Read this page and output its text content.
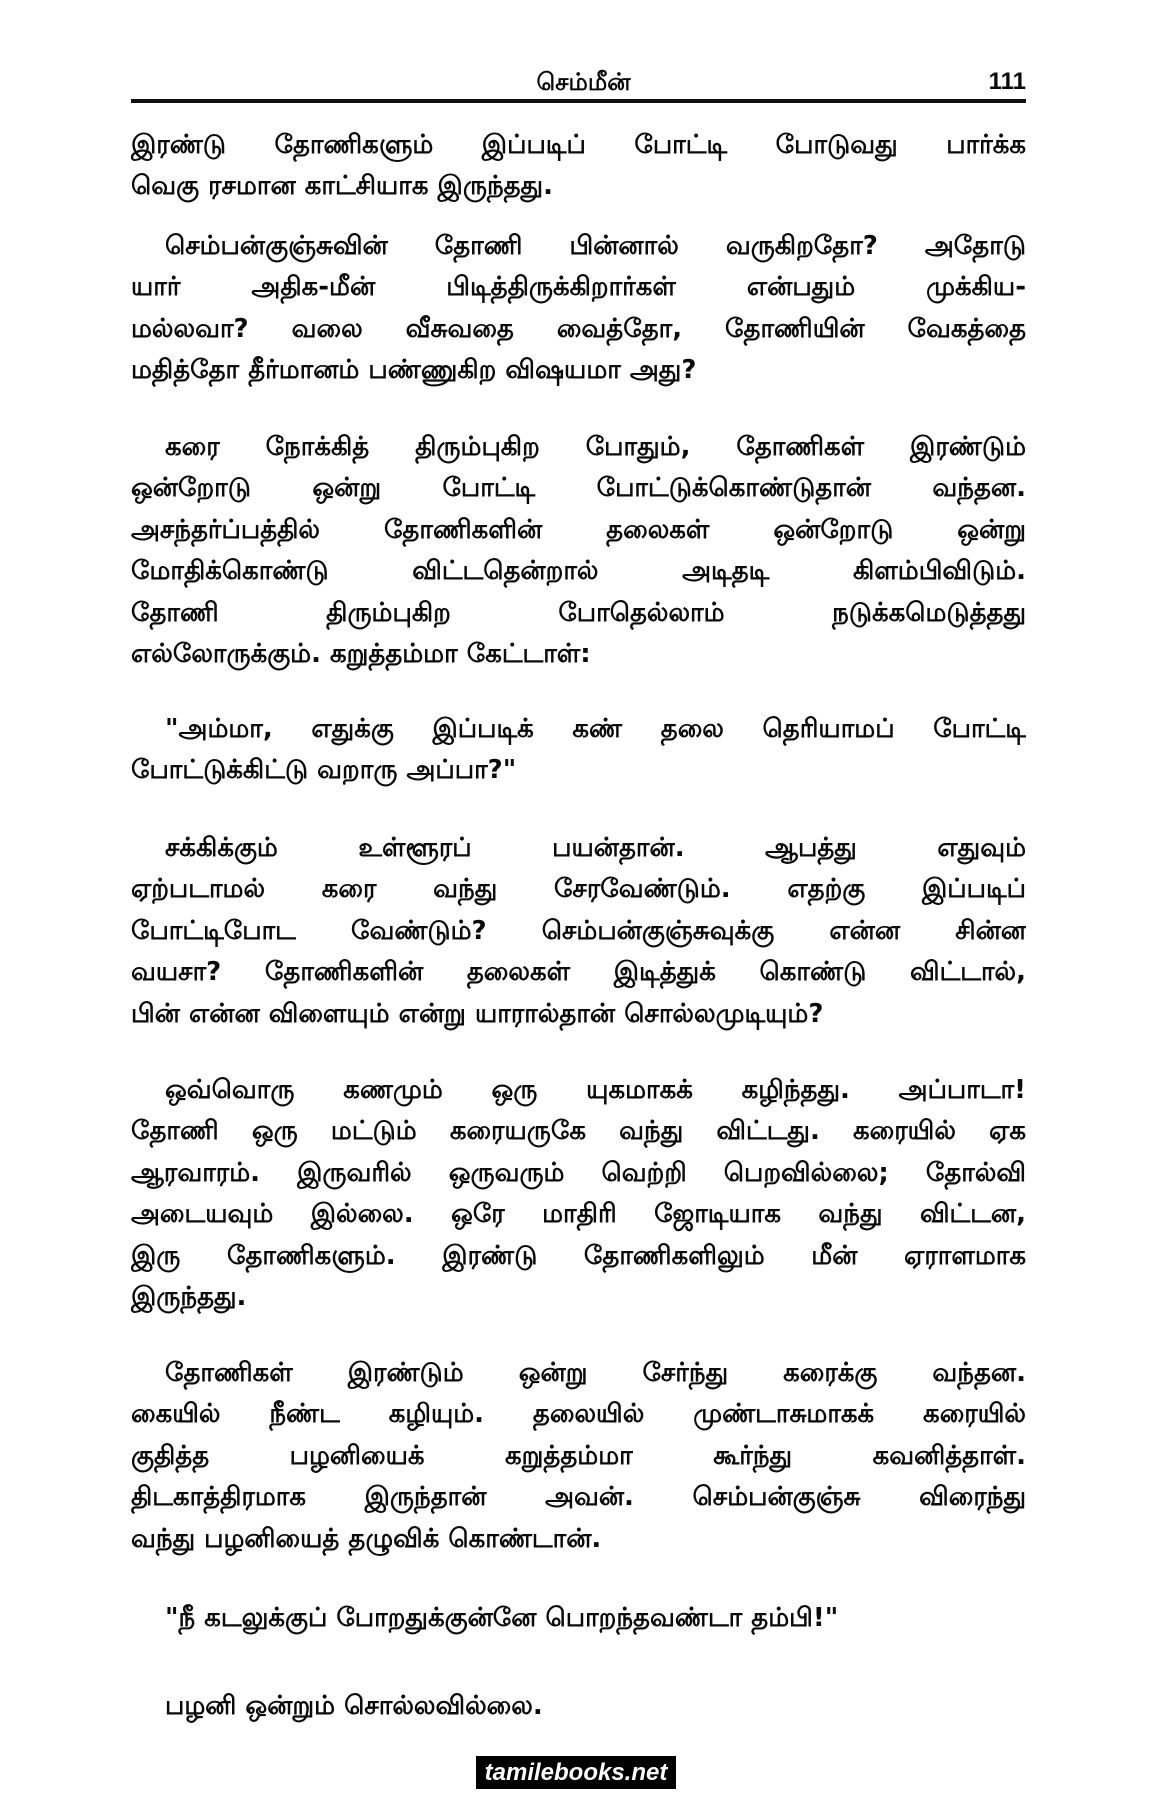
செம்மீன்	111
இரண்டு தோணிகளும் இப்படிப் போட்டி போடுவது பார்க்க
வெகு ரசமான காட்சியாக இருந்தது.
செம்பன்குஞ்சுவின் தோணி பின்னால் வருகிறதோ? அதோடு
யார் அதிக-மீன் பிடித்திருக்கிறார்கள் என்பதும் முக்கிய-
மல்லவா? வலை வீசுவதை வைத்தோ, தோணியின் வேகத்தை
மதித்தோ தீர்மானம் பண்ணுகிற விஷயமா அது?
கரை நோக்கித் திரும்புகிற போதும், தோணிகள் இரண்டும்
ஒன்றோடு ஒன்று போட்டி போட்டுக்கொண்டுதான் வந்தன.
அசந்தர்ப்பத்தில் தோணிகளின் தலைகள் ஒன்றோடு ஒன்று
மோதிக்கொண்டு விட்டதென்றால் அடிதடி கிளம்பிவிடும்.
தோணி திரும்புகிற போதெல்லாம் நடுக்கமெடுத்தது
எல்லோருக்கும். கறுத்தம்மா கேட்டாள்:
"அம்மா, எதுக்கு இப்படிக் கண் தலை தெரியாமப் போட்டி
போட்டுக்கிட்டு வறாரு அப்பா?"
சக்கிக்கும் உள்ளூரப் பயன்தான். ஆபத்து எதுவும்
ஏற்படாமல் கரை வந்து சேரவேண்டும். எதற்கு இப்படிப்
போட்டிபோட வேண்டும்? செம்பன்குஞ்சுவுக்கு என்ன சின்ன
வயசா? தோணிகளின் தலைகள் இடித்துக் கொண்டு விட்டால்,
பின் என்ன விளையும் என்று யாரால்தான் சொல்லமுடியும்?
ஒவ்வொரு கணமும் ஒரு யுகமாகக் கழிந்தது. அப்பாடா!
தோணி ஒரு மட்டும் கரையருகே வந்து விட்டது. கரையில் ஏக
ஆரவாரம். இருவரில் ஒருவரும் வெற்றி பெறவில்லை; தோல்வி
அடையவும் இல்லை. ஒரே மாதிரி ஜோடியாக வந்து விட்டன,
இரு தோணிகளும். இரண்டு தோணிகளிலும் மீன் ஏராளமாக
இருந்தது.
தோணிகள் இரண்டும் ஒன்று சேர்ந்து கரைக்கு வந்தன.
கையில் நீண்ட கழியும். தலையில் முண்டாசுமாகக் கரையில்
குதித்த பழனியைக் கறுத்தம்மா கூர்ந்து கவனித்தாள்.
திடகாத்திரமாக இருந்தான் அவன். செம்பன்குஞ்சு விரைந்து
வந்து பழனியைத் தழுவிக் கொண்டான்.
"நீ கடலுக்குப் போறதுக்குன்னே பொறந்தவண்டா தம்பி!"
பழனி ஒன்றும் சொல்லவில்லை.
tamilebooks.net
